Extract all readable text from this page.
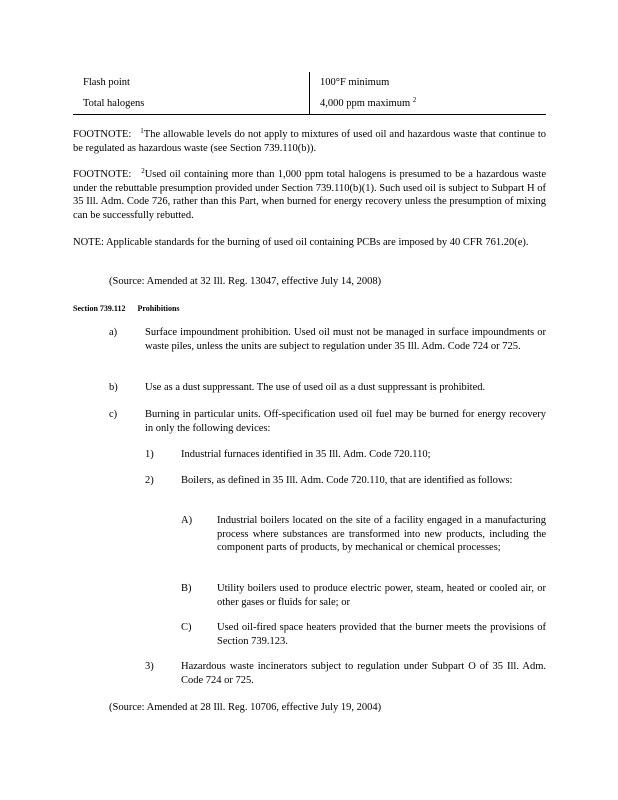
Flash point	100°F minimum
Total halogens	4,000 ppm maximum $^2$
FOOTNOTE: $^1$The allowable levels do not apply to mixtures of used oil and hazardous waste that continue to be regulated as hazardous waste (see Section 739.110(b)).
FOOTNOTE: $^2$Used oil containing more than 1,000 ppm total halogens is presumed to be a hazardous waste under the rebuttable presumption provided under Section 739.110(b)(1). Such used oil is subject to Subpart H of 35 Ill. Adm. Code 726, rather than this Part, when burned for energy recovery unless the presumption of mixing can be successfully rebutted.
NOTE: Applicable standards for the burning of used oil containing PCBs are imposed by 40 CFR 761.20(e).
(Source: Amended at 32 Ill. Reg. 13047, effective July 14, 2008)
Section 739.112 Prohibitions
a)	Surface impoundment prohibition. Used oil must not be managed in surface impoundments or waste piles, unless the units are subject to regulation under 35 Ill. Adm. Code 724 or 725.
b)	Use as a dust suppressant. The use of used oil as a dust suppressant is prohibited.
c)	Burning in particular units. Off-specification used oil fuel may be burned for energy recovery in only the following devices:
1)	Industrial furnaces identified in 35 Ill. Adm. Code 720.110;
2)	Boilers, as defined in 35 Ill. Adm. Code 720.110, that are identified as follows:
A) Industrial boilers located on the site of a facility engaged in a manufacturing process where substances are transformed into new products, including the component parts of products, by mechanical or chemical processes;
B) Utility boilers used to produce electric power, steam, heated or cooled air, or other gases or fluids for sale; or
C) Used oil-fired space heaters provided that the burner meets the provisions of Section 739.123.
3)	Hazardous waste incinerators subject to regulation under Subpart O of 35 Ill. Adm. Code 724 or 725.
(Source: Amended at 28 Ill. Reg. 10706, effective July 19, 2004)
